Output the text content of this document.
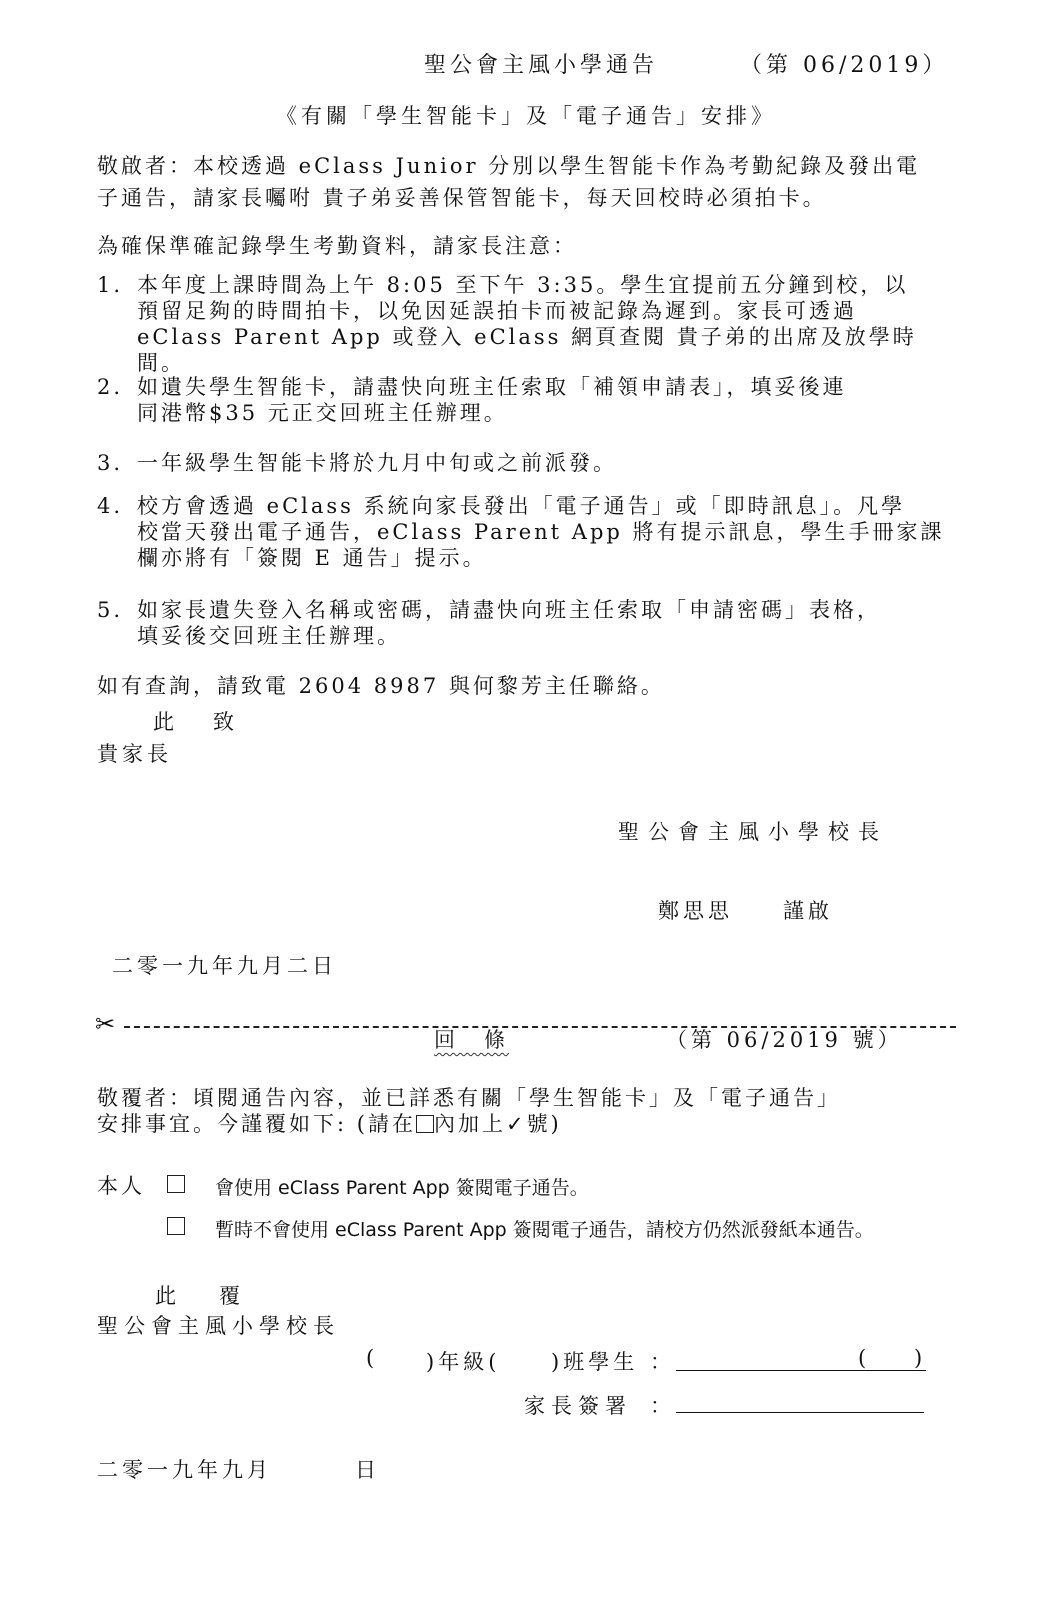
聖公會主風小學通告	（第 06/2019）
《有關「學生智能卡」及「電子通告」安排》
敬啟者：本校透過 eClass Junior 分別以學生智能卡作為考勤紀錄及發出電
子通告，請家長囑咐 貴子弟妥善保管智能卡，每天回校時必須拍卡。
為確保準確記錄學生考勤資料，請家長注意：
1. 本年度上課時間為上午 8:05 至下午 3:35。學生宜提前五分鐘到校，以
預留足夠的時間拍卡，以免因延誤拍卡而被記錄為遲到。家長可透過
eClass Parent App 或登入 eClass 網頁查閱 貴子弟的出席及放學時間。
2. 如遺失學生智能卡，請盡快向班主任索取「補領申請表」，填妥後連
同港幣$35 元正交回班主任辦理。
3. 一年級學生智能卡將於九月中旬或之前派發。
4. 校方會透過 eClass 系統向家長發出「電子通告」或「即時訊息」。凡學
校當天發出電子通告，eClass Parent App 將有提示訊息，學生手冊家課
欄亦將有「簽閱 E 通告」提示。
5. 如家長遺失登入名稱或密碼，請盡快向班主任索取「申請密碼」表格，
填妥後交回班主任辦理。
如有查詢，請致電 2604 8987 與何黎芳主任聯絡。
此 致
貴家長
聖公會主風小學校長
鄭思思 謹啟
二零一九年九月二日
✂
回　條	（第 06/2019 號）
敬覆者：頃閱通告內容，並已詳悉有關「學生智能卡」及「電子通告」
安排事宜。今謹覆如下: (請在 內加上✓號)
本人	會使用 eClass Parent App 簽閱電子通告。
暫時不會使用 eClass Parent App 簽閱電子通告，請校方仍然派發紙本通告。
此 覆
聖公會主風小學校長
( )年級( )班學生 ：	( )
家長簽署 ：
二零一九年九月	日
